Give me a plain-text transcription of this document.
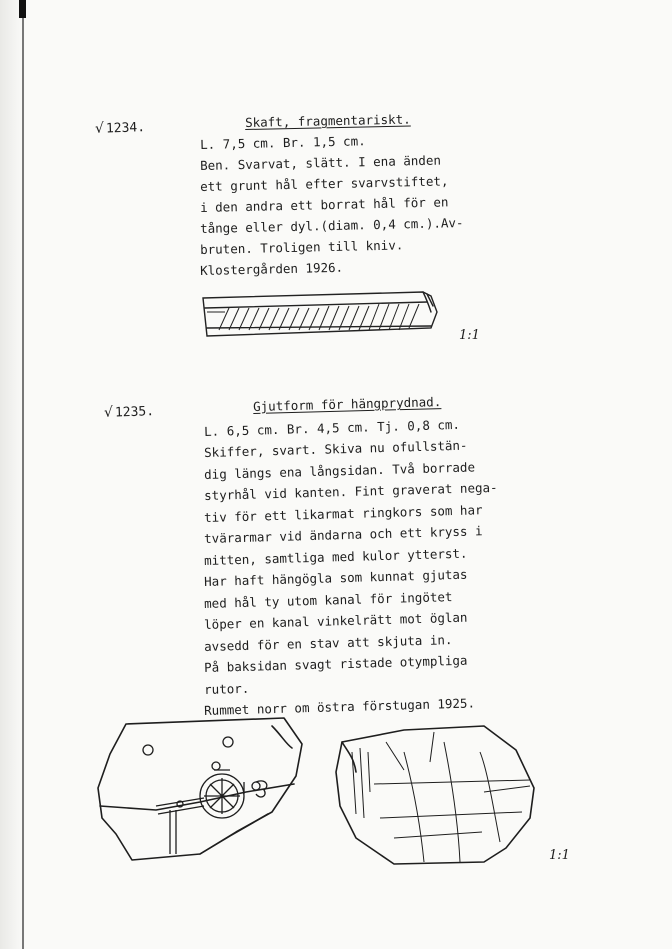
√1234.	Skaft, fragmentariskt.
L. 7,5 cm. Br. 1,5 cm.
Ben. Svarvat, slätt. I ena änden
ett grunt hål efter svarvstiftet,
i den andra ett borrat hål för en
tånge eller dyl.(diam. 0,4 cm.).Av-
bruten. Troligen till kniv.
Klostergården 1926.
1:1
√1235.	Gjutform för hängprydnad.
L. 6,5 cm. Br. 4,5 cm. Tj. 0,8 cm.
Skiffer, svart. Skiva nu ofullstän-
dig längs ena långsidan. Två borrade
styrhål vid kanten. Fint graverat nega-
tiv för ett likarmat ringkors som har
tvärarmar vid ändarna och ett kryss i
mitten, samtliga med kulor ytterst.
Har haft hängögla som kunnat gjutas
med hål ty utom kanal för ingötet
löper en kanal vinkelrätt mot öglan
avsedd för en stav att skjuta in.
På baksidan svagt ristade otympliga
rutor.
Rummet norr om östra förstugan 1925.
1:1
